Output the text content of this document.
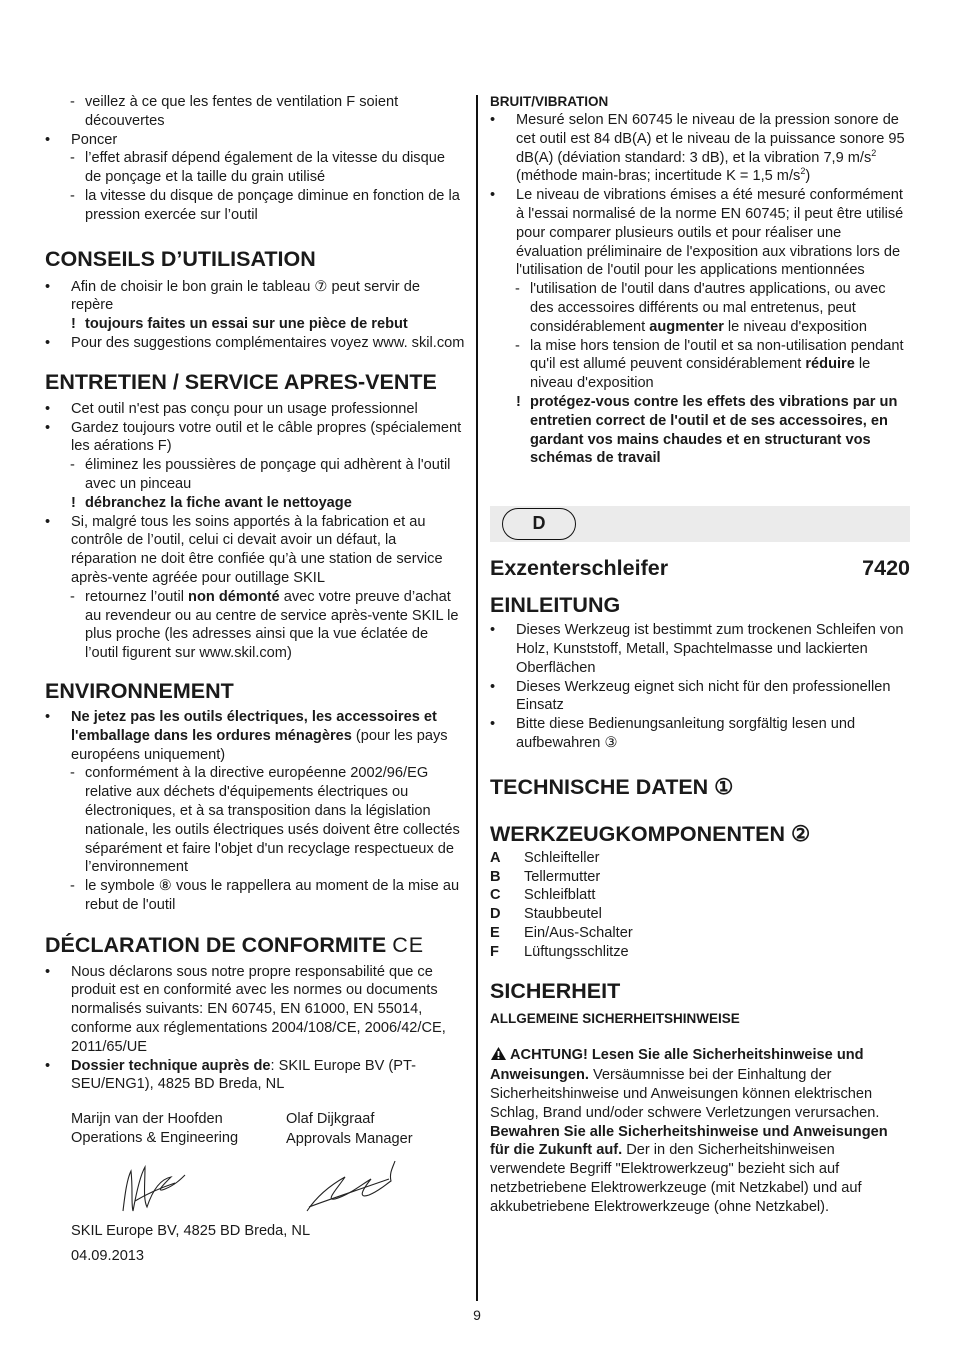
- veillez à ce que les fentes de ventilation F soient découvertes

• Poncer

- l’effet abrasif dépend également de la vitesse du disque de ponçage et la taille du grain utilisé

- la vitesse du disque de ponçage diminue en fonction de la pression exercée sur l’outil

CONSEILS D’UTILISATION

• Afin de choisir le bon grain le tableau ⑦ peut servir de repère

! toujours faites un essai sur une pièce de rebut

• Pour des suggestions complémentaires voyez www. skil.com

ENTRETIEN / SERVICE APRES-VENTE

• Cet outil n'est pas conçu pour un usage professionnel

• Gardez toujours votre outil et le câble propres (spécialement les aérations F)

- éliminez les poussières de ponçage qui adhèrent à l'outil avec un pinceau

! débranchez la fiche avant le nettoyage

• Si, malgré tous les soins apportés à la fabrication et au contrôle de l’outil, celui ci devait avoir un défaut, la réparation ne doit être confiée qu’à une station de service après-vente agréée pour outillage SKIL

- retournez l’outil non démonté avec votre preuve d’achat au revendeur ou au centre de service après-vente SKIL le plus proche (les adresses ainsi que la vue éclatée de l’outil figurent sur www.skil.com)

ENVIRONNEMENT

• Ne jetez pas les outils électriques, les accessoires et l'emballage dans les ordures ménagères (pour les pays européens uniquement)

- conformément à la directive européenne 2002/96/EG relative aux déchets d'équipements électriques ou électroniques, et à sa transposition dans la législation nationale, les outils électriques usés doivent être collectés séparément et faire l'objet d'un recyclage respectueux de l’environnement

- le symbole ⑧ vous le rappellera au moment de la mise au rebut de l'outil

DÉCLARATION DE CONFORMITE CE

• Nous déclarons sous notre propre responsabilité que ce produit est en conformité avec les normes ou documents normalisés suivants: EN 60745, EN 61000, EN 55014, conforme aux réglementations 2004/108/CE, 2006/42/CE, 2011/65/UE

• Dossier technique auprès de: SKIL Europe BV (PT-SEU/ENG1), 4825 BD Breda, NL

Marijn van der Hoofden

Operations & Engineering

Olaf Dijkgraaf

Approvals Manager

SKIL Europe BV, 4825 BD Breda, NL

04.09.2013

BRUIT/VIBRATION

• Mesuré selon EN 60745 le niveau de la pression sonore de cet outil est 84 dB(A) et le niveau de la puissance sonore 95 dB(A) (déviation standard: 3 dB), et la vibration 7,9 $m/s^2$ (méthode main-bras; incertitude K = 1,5 $m/s^2$)

• Le niveau de vibrations émises a été mesuré conformément à l'essai normalisé de la norme EN 60745; il peut être utilisé pour comparer plusieurs outils et pour réaliser une évaluation préliminaire de l'exposition aux vibrations lors de l'utilisation de l'outil pour les applications mentionnées

- l'utilisation de l'outil dans d'autres applications, ou avec des accessoires différents ou mal entretenus, peut considérablement augmenter le niveau d'exposition

- la mise hors tension de l'outil et sa non-utilisation pendant qu'il est allumé peuvent considérablement réduire le niveau d'exposition

! protégez-vous contre les effets des vibrations par un entretien correct de l'outil et de ses accessoires, en gardant vos mains chaudes et en structurant vos schémas de travail

D
Exzenterschleifer	7420
EINLEITUNG

• Dieses Werkzeug ist bestimmt zum trockenen Schleifen von Holz, Kunststoff, Metall, Spachtelmasse und lackierten Oberflächen

• Dieses Werkzeug eignet sich nicht für den professionellen Einsatz

• Bitte diese Bedienungsanleitung sorgfältig lesen und aufbewahren ③

TECHNISCHE DATEN ①
WERKZEUGKOMPONENTEN ②
A	Schleifteller
B	Tellermutter
C	Schleifblatt
D	Staubbeutel
E	Ein/Aus-Schalter
F	Lüftungsschlitze
SICHERHEIT
ALLGEMEINE SICHERHEITSHINWEISE

ACHTUNG! Lesen Sie alle Sicherheitshinweise und Anweisungen. Versäumnisse bei der Einhaltung der Sicherheitshinweise und Anweisungen können elektrischen Schlag, Brand und/oder schwere Verletzungen verursachen. Bewahren Sie alle Sicherheitshinweise und Anweisungen für die Zukunft auf. Der in den Sicherheitshinweisen verwendete Begriff "Elektrowerkzeug" bezieht sich auf netzbetriebene Elektrowerkzeuge (mit Netzkabel) und auf akkubetriebene Elektrowerkzeuge (ohne Netzkabel).

9
